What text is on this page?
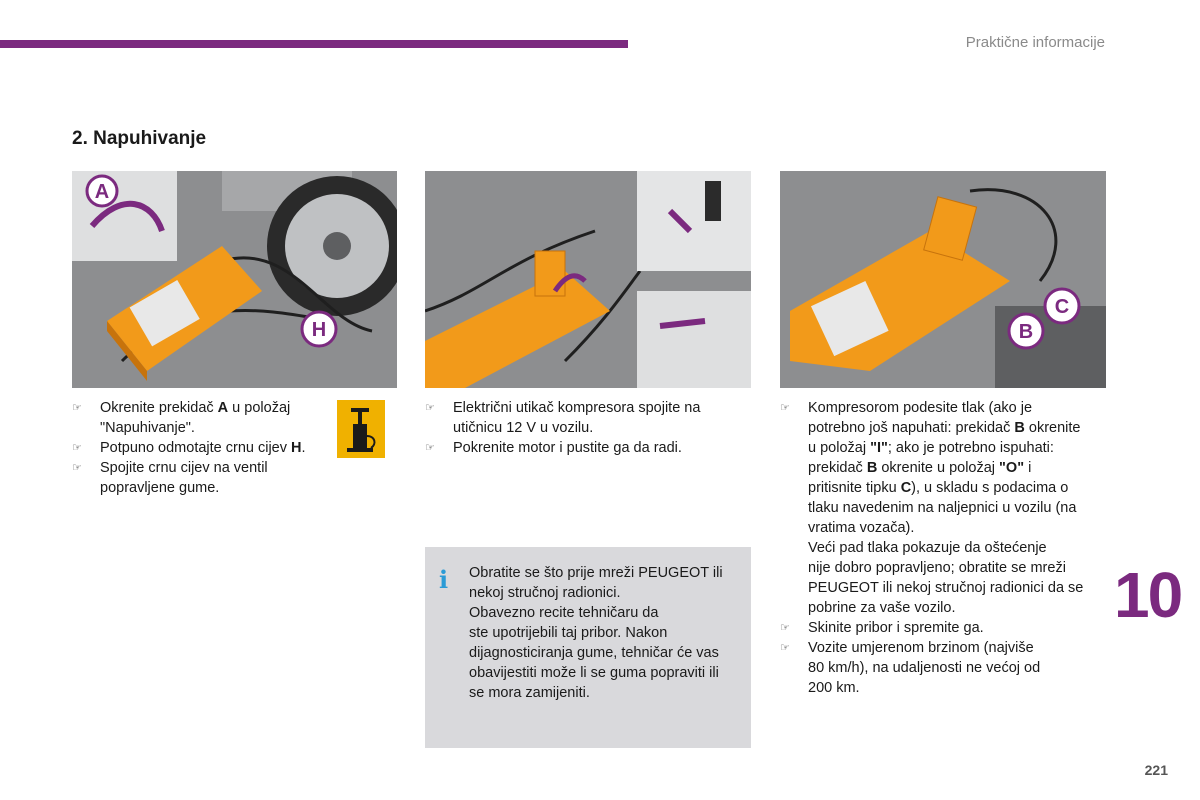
Praktične informacije
2. Napuhivanje
A
H
C
B
☞ Okrenite prekidač A u položaj
"Napuhivanje".
☞ Potpuno odmotajte crnu cijev H.
☞ Spojite crnu cijev na ventil
popravljene gume.
☞ Električni utikač kompresora spojite na
utičnicu 12 V u vozilu.
☞ Pokrenite motor i pustite ga da radi.
☞ Kompresorom podesite tlak (ako je
potrebno još napuhati: prekidač B okrenite
u položaj "I"; ako je potrebno ispuhati:
prekidač B okrenite u položaj "O" i
pritisnite tipku C), u skladu s podacima o
tlaku navedenim na naljepnici u vozilu (na
vratima vozača).
Veći pad tlaka pokazuje da oštećenje
nije dobro popravljeno; obratite se mreži
PEUGEOT ili nekoj stručnoj radionici da se
pobrine za vaše vozilo.
☞ Skinite pribor i spremite ga.
☞ Vozite umjerenom brzinom (najviše
80 km/h), na udaljenosti ne većoj od
200 km.
10
i	Obratite se što prije mreži PEUGEOT ili
nekoj stručnoj radionici.
Obavezno recite tehničaru da
ste upotrijebili taj pribor. Nakon
dijagnosticiranja gume, tehničar će vas
obavijestiti može li se guma popraviti ili
se mora zamijeniti.
221
